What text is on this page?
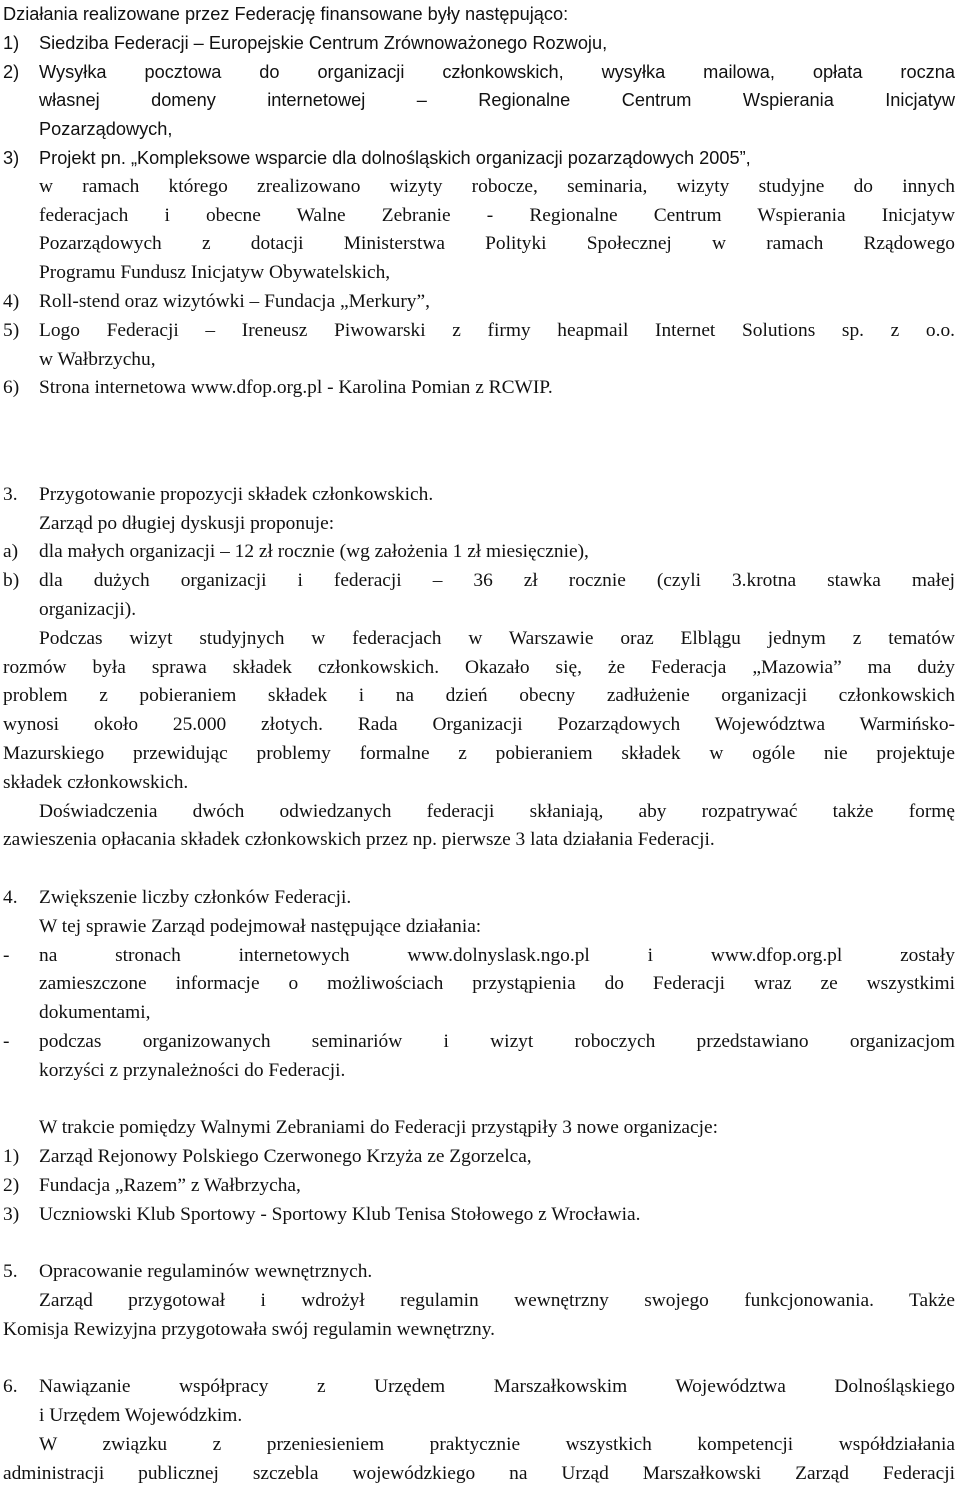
Działania realizowane przez Federację finansowane były następująco:
1)	Siedziba Federacji – Europejskie Centrum Zrównoważonego Rozwoju,
2)	Wysyłka pocztowa do organizacji członkowskich, wysyłka mailowa, opłata roczna
własnej domeny internetowej – Regionalne Centrum Wspierania Inicjatyw
Pozarządowych,
3)	Projekt pn. „Kompleksowe wsparcie dla dolnośląskich organizacji pozarządowych 2005”,
w ramach którego zrealizowano wizyty robocze, seminaria, wizyty studyjne do innych
federacjach i obecne Walne Zebranie - Regionalne Centrum Wspierania Inicjatyw
Pozarządowych z dotacji Ministerstwa Polityki Społecznej w ramach Rządowego
Programu Fundusz Inicjatyw Obywatelskich,
4)	Roll-stend oraz wizytówki – Fundacja „Merkury”,
5)	Logo Federacji – Ireneusz Piwowarski z firmy heapmail Internet Solutions sp. z o.o.
w Wałbrzychu,
6)	Strona internetowa www.dfop.org.pl - Karolina Pomian z RCWIP.
3.	Przygotowanie propozycji składek członkowskich.
Zarząd po długiej dyskusji proponuje:
a)	dla małych organizacji – 12 zł rocznie (wg założenia 1 zł miesięcznie),
b)	dla dużych organizacji i federacji – 36 zł rocznie (czyli 3.krotna stawka małej
organizacji).
Podczas wizyt studyjnych w federacjach w Warszawie oraz Elblągu jednym z tematów
rozmów była sprawa składek członkowskich. Okazało się, że Federacja „Mazowia” ma duży
problem z pobieraniem składek i na dzień obecny zadłużenie organizacji członkowskich
wynosi około 25.000 złotych. Rada Organizacji Pozarządowych Województwa Warmińsko-
Mazurskiego przewidując problemy formalne z pobieraniem składek w ogóle nie projektuje
składek członkowskich.
Doświadczenia dwóch odwiedzanych federacji skłaniają, aby rozpatrywać także formę
zawieszenia opłacania składek członkowskich przez np. pierwsze 3 lata działania Federacji.
4.	Zwiększenie liczby członków Federacji.
W tej sprawie Zarząd podejmował następujące działania:
-	na stronach internetowych www.dolnyslask.ngo.pl i www.dfop.org.pl zostały
zamieszczone informacje o możliwościach przystąpienia do Federacji wraz ze wszystkimi
dokumentami,
-	podczas organizowanych seminariów i wizyt roboczych przedstawiano organizacjom
korzyści z przynależności do Federacji.
W trakcie pomiędzy Walnymi Zebraniami do Federacji przystąpiły 3 nowe organizacje:
1)	Zarząd Rejonowy Polskiego Czerwonego Krzyża ze Zgorzelca,
2)	Fundacja „Razem” z Wałbrzycha,
3)	Uczniowski Klub Sportowy - Sportowy Klub Tenisa Stołowego z Wrocławia.
5.	Opracowanie regulaminów wewnętrznych.
Zarząd przygotował i wdrożył regulamin wewnętrzny swojego funkcjonowania. Także
Komisja Rewizyjna przygotowała swój regulamin wewnętrzny.
6.	Nawiązanie współpracy z Urzędem Marszałkowskim Województwa Dolnośląskiego
i Urzędem Wojewódzkim.
W związku z przeniesieniem praktycznie wszystkich kompetencji współdziałania
administracji publicznej szczebla wojewódzkiego na Urząd Marszałkowski Zarząd Federacji
